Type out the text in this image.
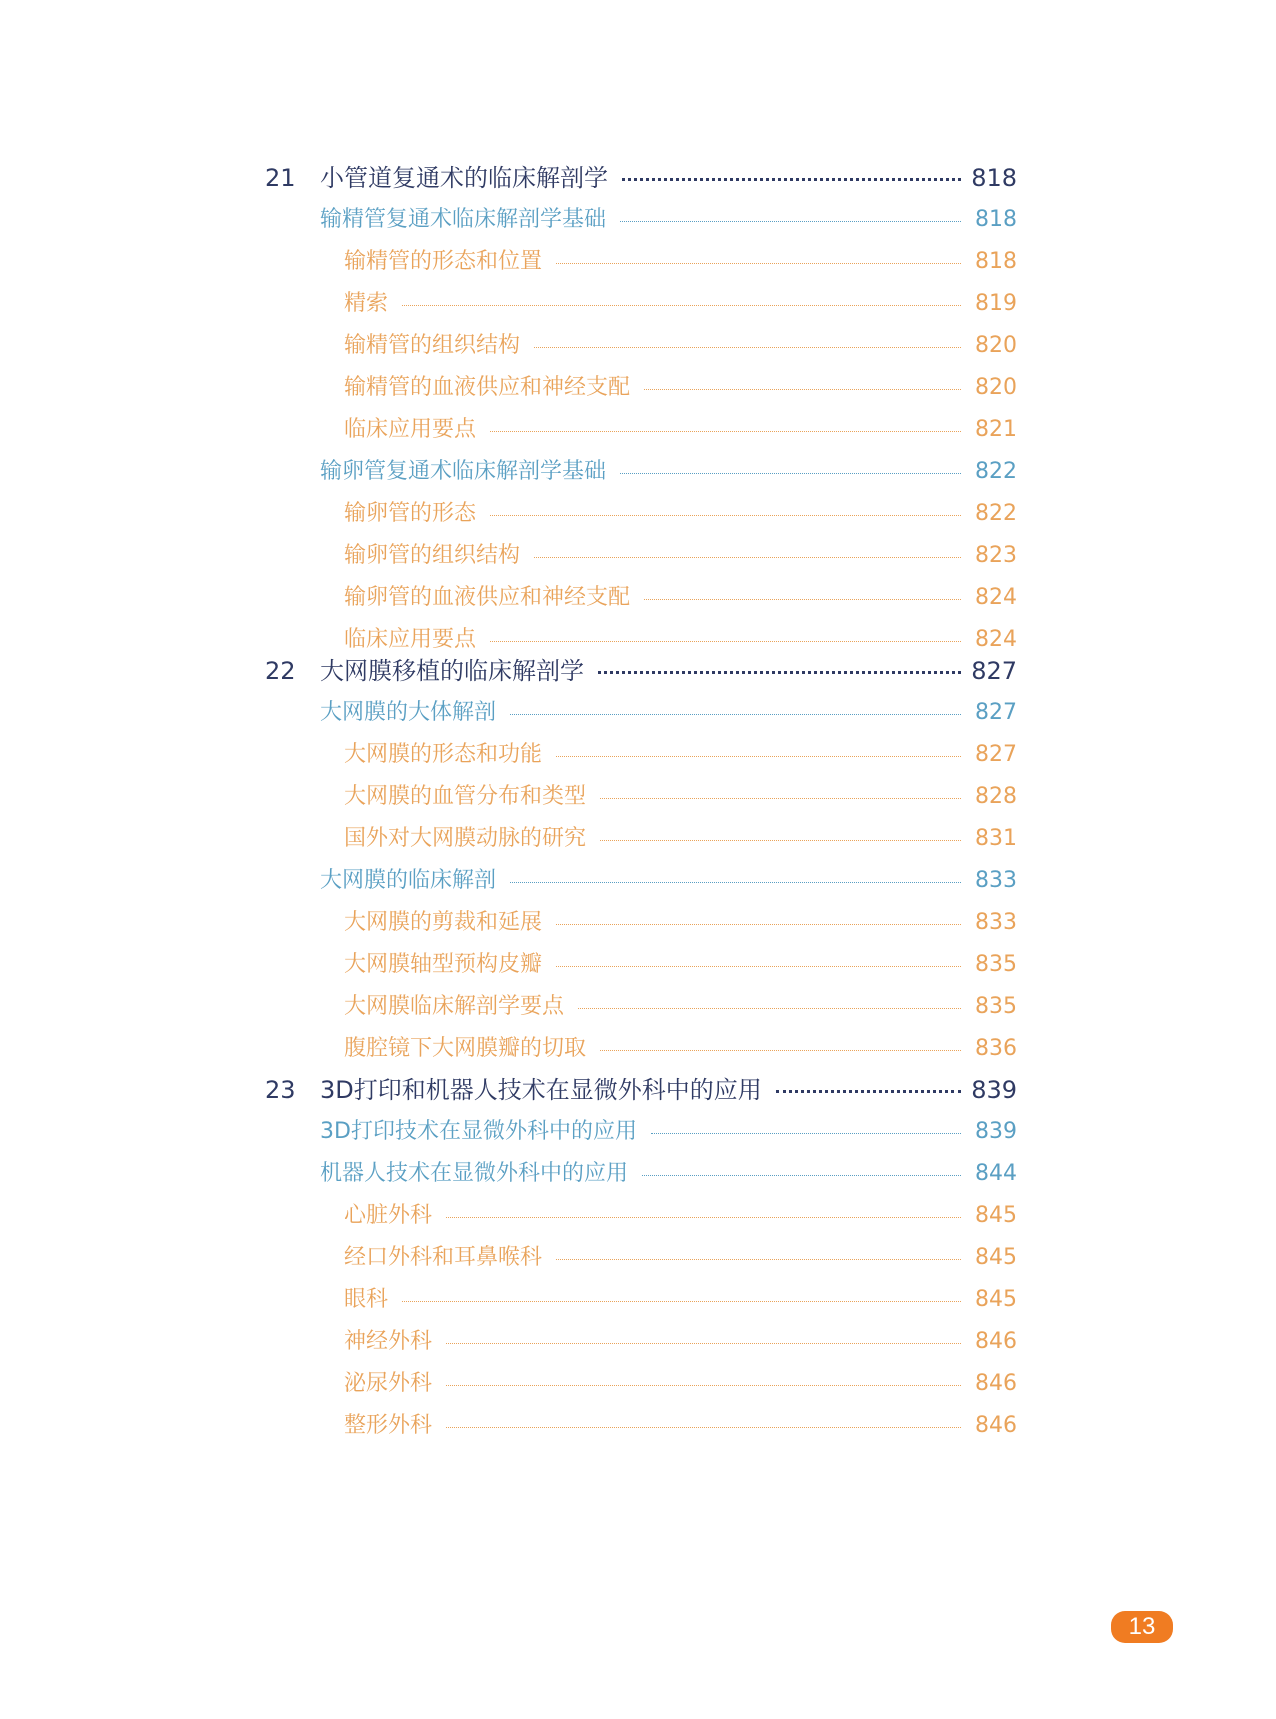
21	小管道复通术的临床解剖学	818
输精管复通术临床解剖学基础	818
输精管的形态和位置	818
精索	819
输精管的组织结构	820
输精管的血液供应和神经支配	820
临床应用要点	821
输卵管复通术临床解剖学基础	822
输卵管的形态	822
输卵管的组织结构	823
输卵管的血液供应和神经支配	824
临床应用要点	824
22	大网膜移植的临床解剖学	827
大网膜的大体解剖	827
大网膜的形态和功能	827
大网膜的血管分布和类型	828
国外对大网膜动脉的研究	831
大网膜的临床解剖	833
大网膜的剪裁和延展	833
大网膜轴型预构皮瓣	835
大网膜临床解剖学要点	835
腹腔镜下大网膜瓣的切取	836
23	3D打印和机器人技术在显微外科中的应用	839
3D打印技术在显微外科中的应用	839
机器人技术在显微外科中的应用	844
心脏外科	845
经口外科和耳鼻喉科	845
眼科	845
神经外科	846
泌尿外科	846
整形外科	846
13
